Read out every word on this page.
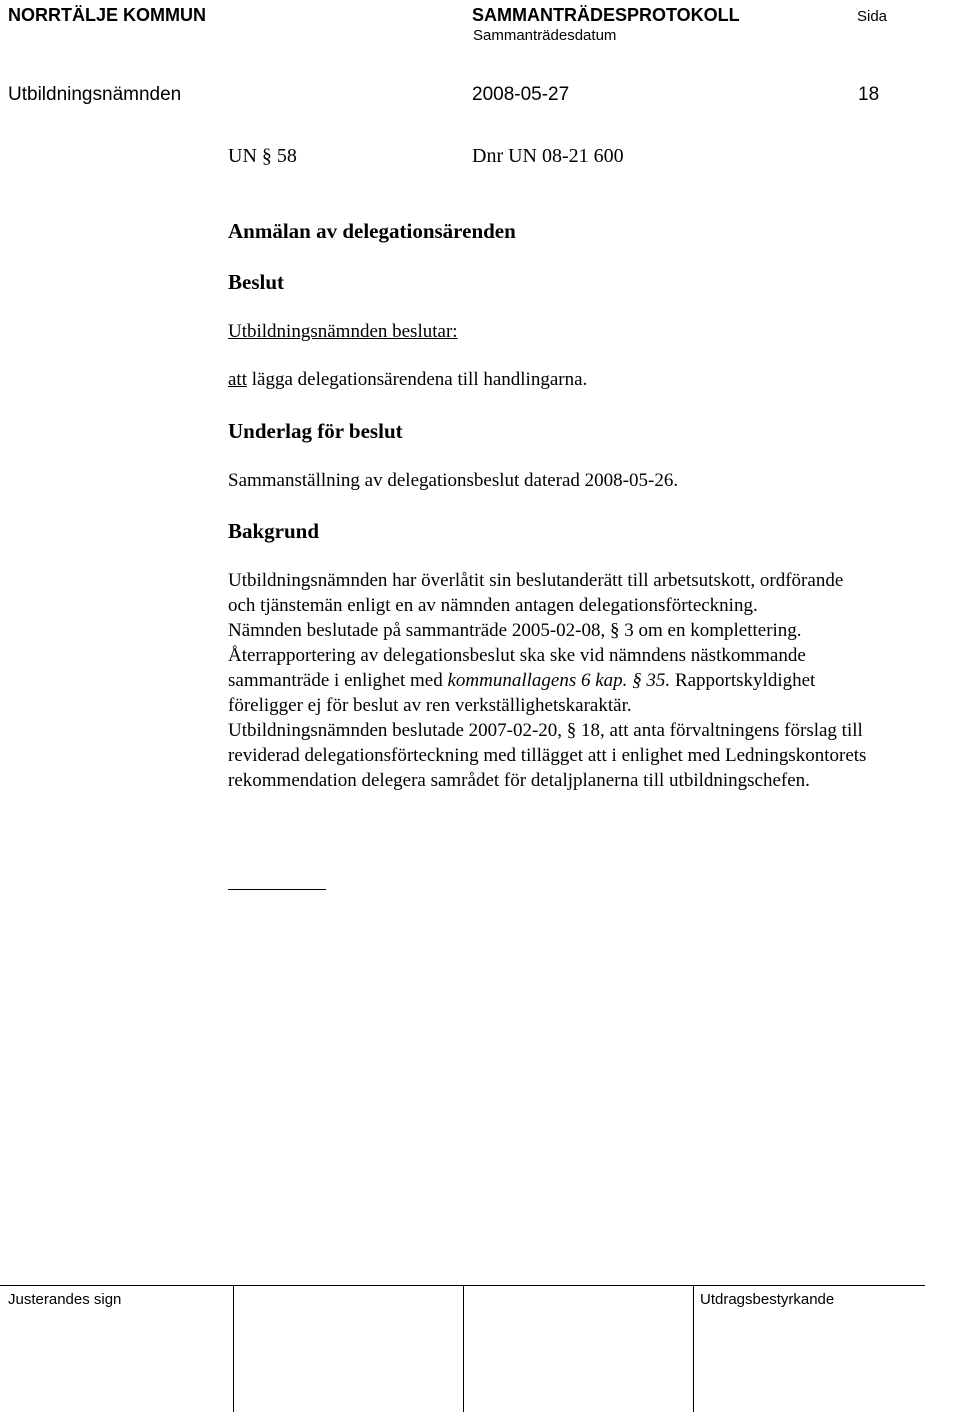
NORRTÄLJE KOMMUN	SAMMANTRÄDESPROTOKOLL
Sammanträdesdatum
Sida
Utbildningsnämnden	2008-05-27	18
UN § 58	Dnr UN 08-21 600
Anmälan av delegationsärenden
Beslut
Utbildningsnämnden beslutar:
att lägga delegationsärendena till handlingarna.
Underlag för beslut
Sammanställning av delegationsbeslut daterad 2008-05-26.
Bakgrund

Utbildningsnämnden har överlåtit sin beslutanderätt till arbetsutskott, ordförande

och tjänstemän enligt en av nämnden antagen delegationsförteckning.

Nämnden beslutade på sammanträde 2005-02-08, § 3 om en komplettering.

Återrapportering av delegationsbeslut ska ske vid nämndens nästkommande

sammanträde i enlighet med kommunallagens 6 kap. § 35. Rapportskyldighet

föreligger ej för beslut av ren verkställighetskaraktär.

Utbildningsnämnden beslutade 2007-02-20, § 18, att anta förvaltningens förslag till

reviderad delegationsförteckning med tillägget att i enlighet med Ledningskontorets

rekommendation delegera samrådet för detaljplanerna till utbildningschefen.

Justerandes sign	Utdragsbestyrkande
